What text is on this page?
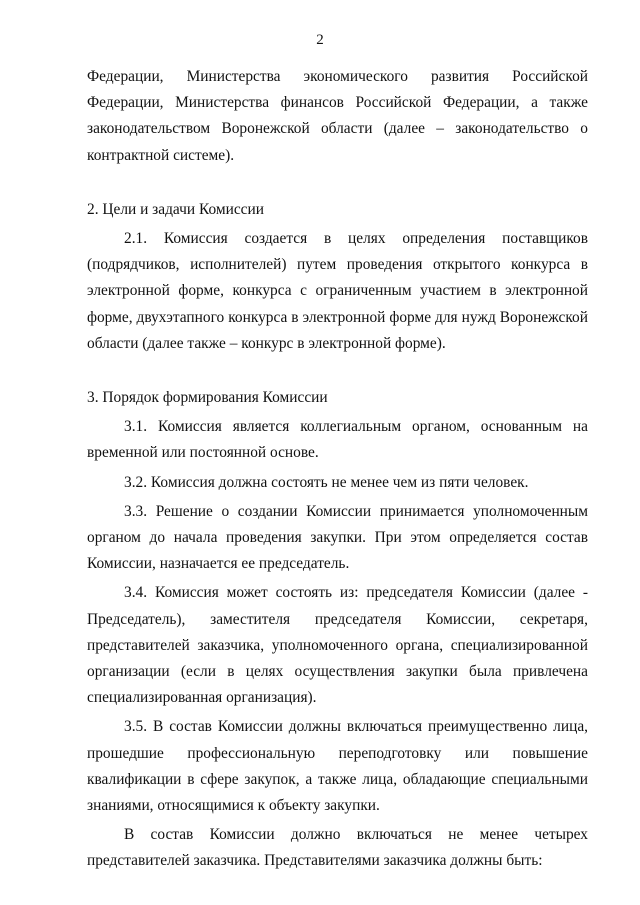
2

Федерации, Министерства экономического развития Российской Федерации, Министерства финансов Российской Федерации, а также законодательством Воронежской области (далее – законодательство о контрактной системе).

2. Цели и задачи Комиссии

2.1. Комиссия создается в целях определения поставщиков (подрядчиков, исполнителей) путем проведения открытого конкурса в электронной форме, конкурса с ограниченным участием в электронной форме, двухэтапного конкурса в электронной форме для нужд Воронежской области (далее также – конкурс в электронной форме).

3. Порядок формирования Комиссии

3.1. Комиссия является коллегиальным органом, основанным на временной или постоянной основе.

3.2. Комиссия должна состоять не менее чем из пяти человек.

3.3. Решение о создании Комиссии принимается уполномоченным органом до начала проведения закупки. При этом определяется состав Комиссии, назначается ее председатель.

3.4. Комиссия может состоять из: председателя Комиссии (далее - Председатель), заместителя председателя Комиссии, секретаря, представителей заказчика, уполномоченного органа, специализированной организации (если в целях осуществления закупки была привлечена специализированная организация).

3.5. В состав Комиссии должны включаться преимущественно лица, прошедшие профессиональную переподготовку или повышение квалификации в сфере закупок, а также лица, обладающие специальными знаниями, относящимися к объекту закупки.

В состав Комиссии должно включаться не менее четырех представителей заказчика. Представителями заказчика должны быть:
